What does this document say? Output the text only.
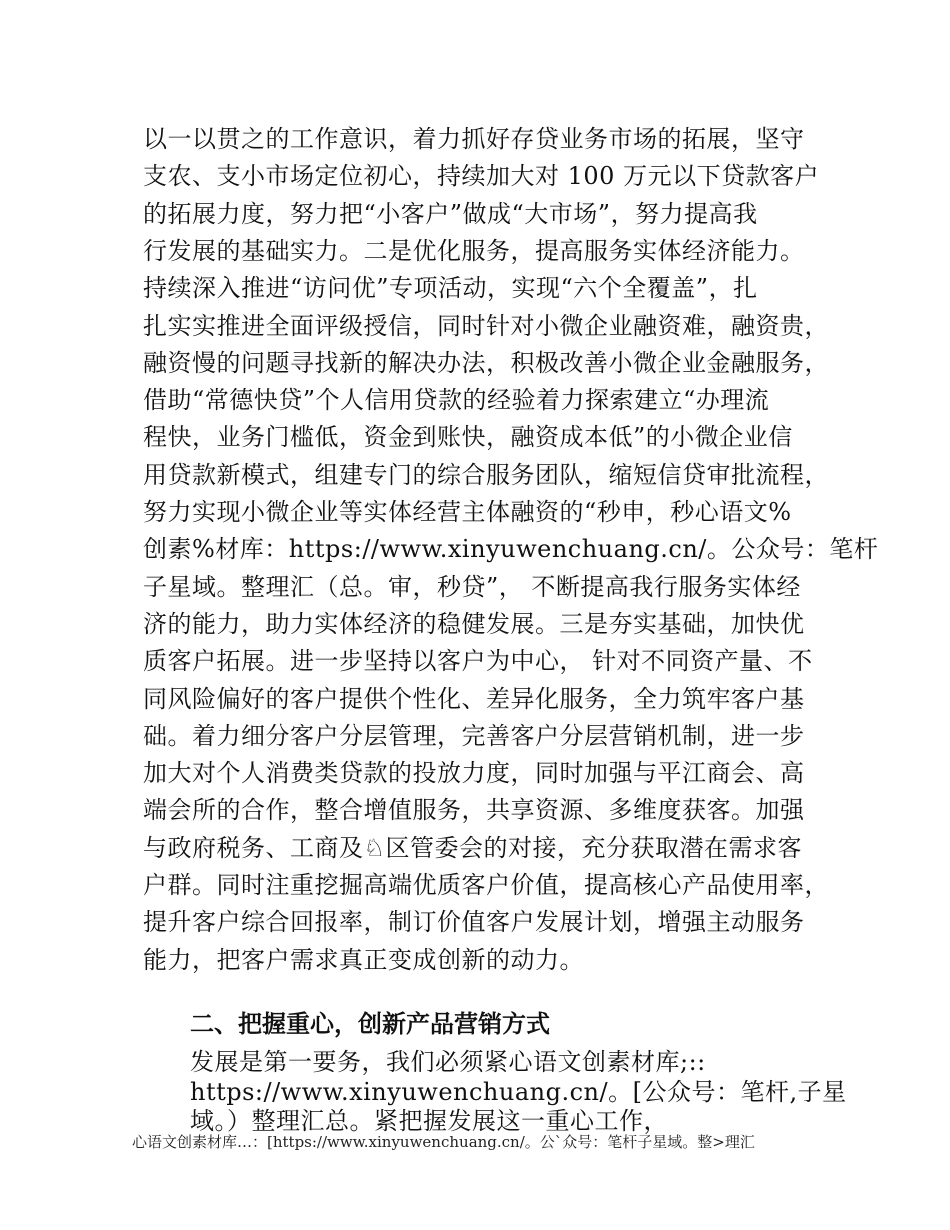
以一以贯之的工作意识，着力抓好存贷业务市场的拓展，坚守
支农、支小市场定位初心，持续加大对 100 万元以下贷款客户
的拓展力度，努力把“小客户”做成“大市场”，努力提高我
行发展的基础实力。二是优化服务，提高服务实体经济能力。
持续深入推进“访问优”专项活动，实现“六个全覆盖”，扎
扎实实推进全面评级授信，同时针对小微企业融资难，融资贵，
融资慢的问题寻找新的解决办法，积极改善小微企业金融服务，
借助“常德快贷”个人信用贷款的经验着力探索建立“办理流
程快，业务门槛低，资金到账快，融资成本低”的小微企业信
用贷款新模式，组建专门的综合服务团队，缩短信贷审批流程，
努力实现小微企业等实体经营主体融资的“秒申，秒心语文%
创素%材库：https://www.xinyuwenchuang.cn/。公众号：笔杆
子星域。整理汇（总。审，秒贷”， 不断提高我行服务实体经
济的能力，助力实体经济的稳健发展。三是夯实基础，加快优
质客户拓展。进一步坚持以客户为中心， 针对不同资产量、不
同风险偏好的客户提供个性化、差异化服务，全力筑牢客户基
础。着力细分客户分层管理，完善客户分层营销机制，进一步
加大对个人消费类贷款的投放力度，同时加强与平江商会、高
端会所的合作，整合增值服务，共享资源、多维度获客。加强
与政府税务、工商及♘区管委会的对接，充分获取潜在需求客
户群。同时注重挖掘高端优质客户价值，提高核心产品使用率，
提升客户综合回报率，制订价值客户发展计划，增强主动服务
能力，把客户需求真正变成创新的动力。
二、把握重心，创新产品营销方式
发展是第一要务，我们必须紧心语文创素材库;::
https://www.xinyuwenchuang.cn/。[公众号：笔杆,子星
域。）整理汇总。紧把握发展这一重心工作，
心语文创素材库…：[https://www.xinyuwenchuang.cn/。公`众号：笔杆子星域。整>理汇
